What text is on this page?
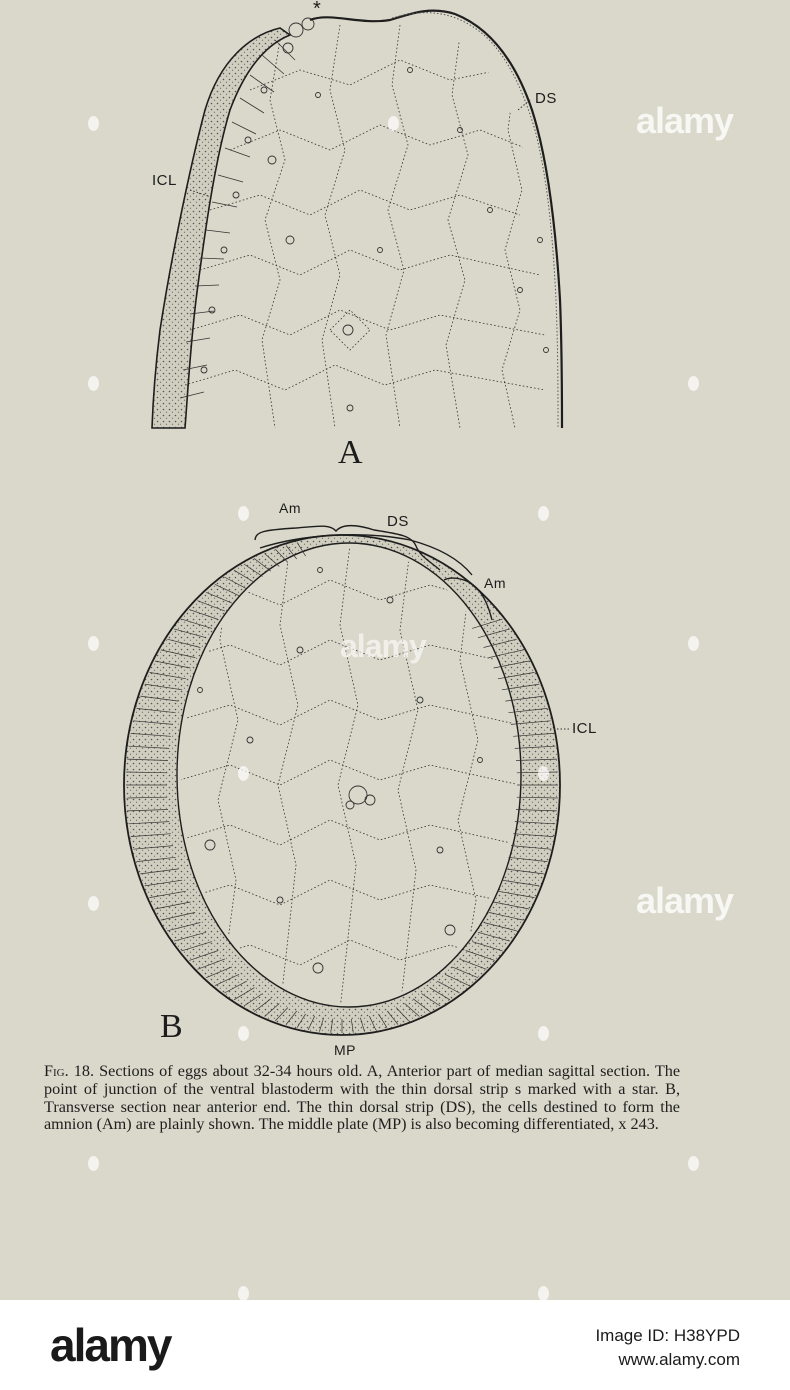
*
DS
ICL
A
Am
DS
Am
ICL
MP
B
Fig. 18. Sections of eggs about 32-34 hours old. A, Anterior part of median sagittal section. The point of junction of the ventral blastoderm with the thin dorsal strip s marked with a star. B, Transverse section near anterior end. The thin dorsal strip (DS), the cells destined to form the amnion (Am) are plainly shown. The middle plate (MP) is also becoming differentiated, x 243.
alamy
alamy
alamy
alamy	Image ID: H38YPD
www.alamy.com
